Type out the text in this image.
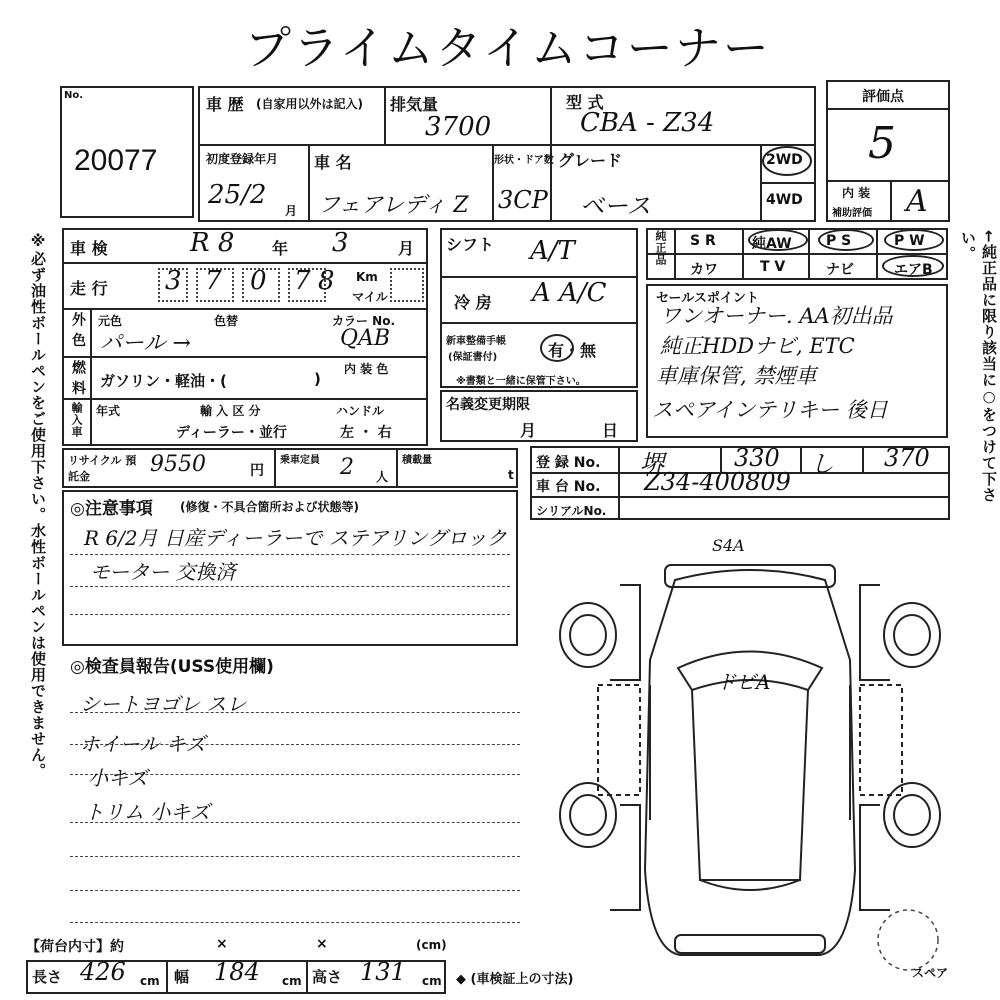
プライムタイムコーナー
※必ず油性ボールペンをご使用下さい。水性ボールペンは使用できません。	←純正品に限り該当に○をつけて下さい。
No.
20077
車 歴 (自家用以外は記入) 排気量
3700
型 式
CBA - Z34
初度登録年月
25/2
月
車 名
フェアレディ Z
形状・ドア数
3CP
グレード
ベース
2WD
4WD
評価点
5
内 装
補助評価 A
車 検	R 8 年 3	月
走 行 3 7 0 7 8 Km
マイル
外 色 元色	色替	カラー No.
パール →	QAB
燃 料 ガソリン・軽油・(	)
内 装 色
輸入車 年式	輸 入 区 分
ディーラー・並行
ハンドル
左 ・ 右
シフト A/T
冷 房 A A/C
新車整備手帳
(保証書付)	有・無
※書類と一緒に保管下さい。
名義変更期限
月	日
純正品 S R	純AW P S	P W
カワ	T V	ナビ	エアB
セールスポイント
ワンオーナー. AA初出品
純正HDDナビ, ETC
車庫保管, 禁煙車
スペアインテリキー 後日
リサイクル 預託金	9550	円
乗車定員 2 人
積載量
t
登 録 No. 堺	330 し 370
車 台 No. Z34-400809
シリアルNo.
◎注意事項 (修復・不具合箇所および状態等)
R 6/2月 日産ディーラーで ステアリングロック
モーター 交換済
◎検査員報告(USS使用欄)
シートヨゴレ スレ
ホイール キズ
小キズ
トリム 小キズ
S4A
ドビA
スペア
【荷台内寸】約	×	×	(cm)
長さ 426 cm 幅 184 cm 高さ 131 cm ◆ (車検証上の寸法)
